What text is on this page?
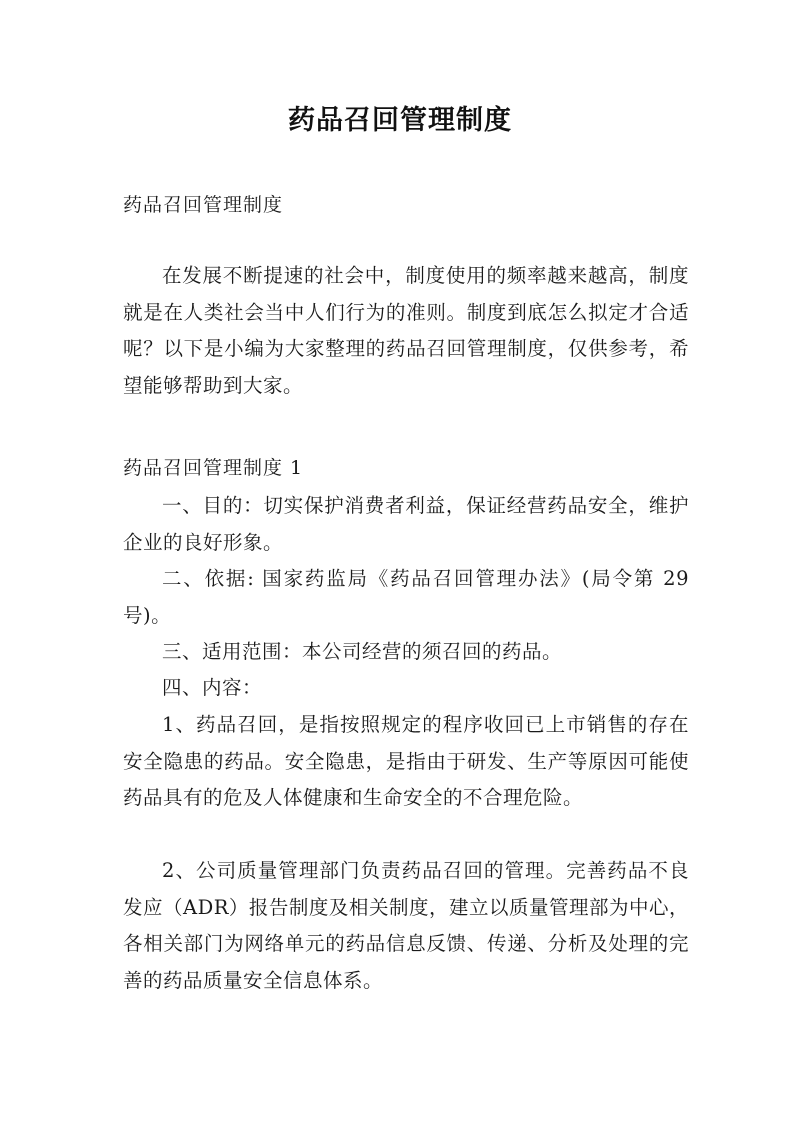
药品召回管理制度
药品召回管理制度

在发展不断提速的社会中，制度使用的频率越来越高，制度就是在人类社会当中人们行为的准则。制度到底怎么拟定才合适呢？以下是小编为大家整理的药品召回管理制度，仅供参考，希望能够帮助到大家。

药品召回管理制度 1

一、目的：切实保护消费者利益，保证经营药品安全，维护企业的良好形象。

二、依据: 国家药监局《药品召回管理办法》(局令第 29 号)。

三、适用范围：本公司经营的须召回的药品。

四、内容：

1、药品召回，是指按照规定的程序收回已上市销售的存在安全隐患的药品。安全隐患，是指由于研发、生产等原因可能使药品具有的危及人体健康和生命安全的不合理危险。

2、公司质量管理部门负责药品召回的管理。完善药品不良发应（ADR）报告制度及相关制度，建立以质量管理部为中心，各相关部门为网络单元的药品信息反馈、传递、分析及处理的完善的药品质量安全信息体系。
